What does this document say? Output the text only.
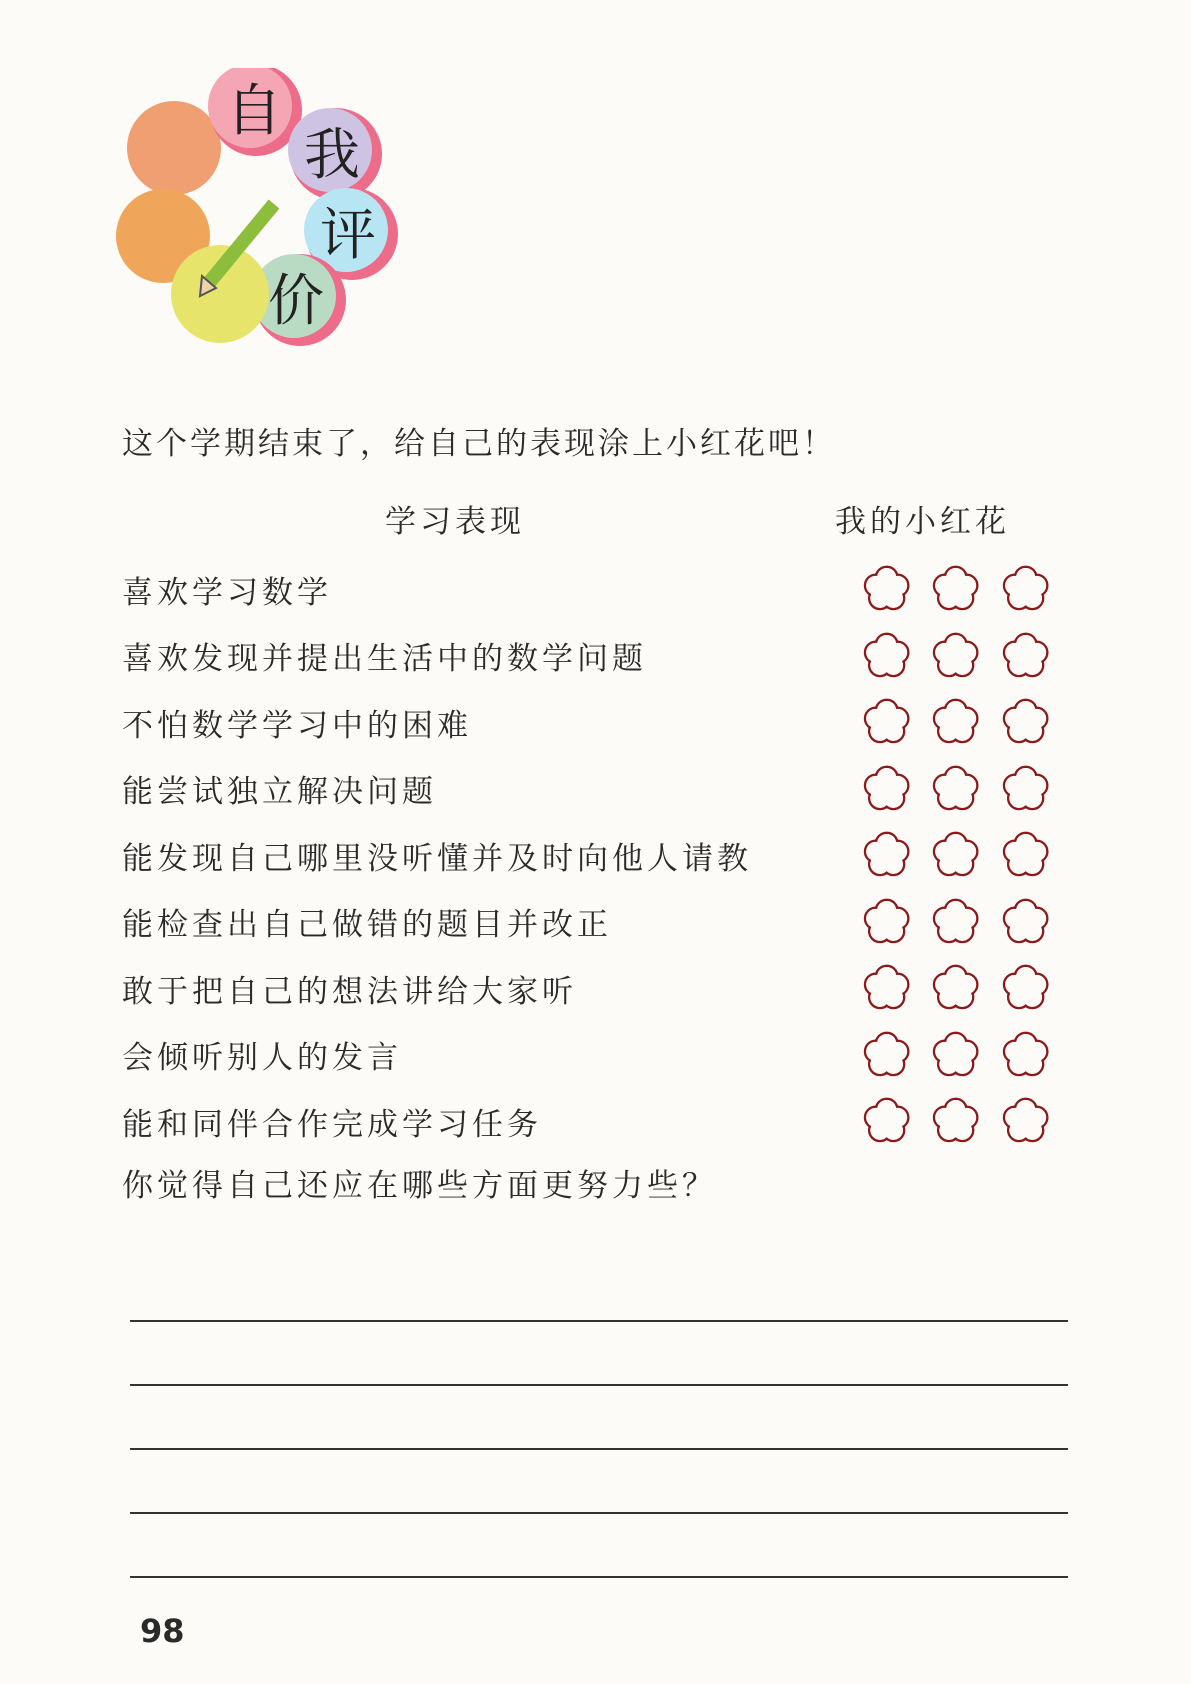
自
我
评
价
这个学期结束了，给自己的表现涂上小红花吧！
学习表现	我的小红花
喜欢学习数学
喜欢发现并提出生活中的数学问题
不怕数学学习中的困难
能尝试独立解决问题
能发现自己哪里没听懂并及时向他人请教
能检查出自己做错的题目并改正
敢于把自己的想法讲给大家听
会倾听别人的发言
能和同伴合作完成学习任务
你觉得自己还应在哪些方面更努力些？
98
